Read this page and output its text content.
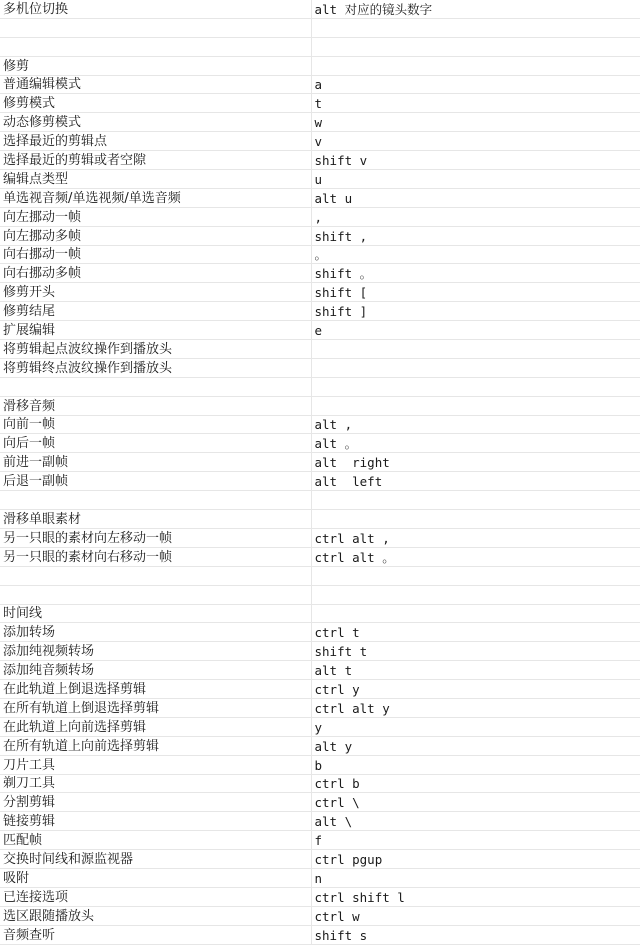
多机位切换	alt 对应的镜头数字

修剪	
普通编辑模式	a
修剪模式	t
动态修剪模式	w
选择最近的剪辑点	v
选择最近的剪辑或者空隙	shift v
编辑点类型	u
单选视音频/单选视频/单选音频	alt u
向左挪动一帧	,
向左挪动多帧	shift ,
向右挪动一帧	。
向右挪动多帧	shift 。
修剪开头	shift [
修剪结尾	shift ]
扩展编辑	e
将剪辑起点波纹操作到播放头	
将剪辑终点波纹操作到播放头	

滑移音频	
向前一帧	alt ,
向后一帧	alt 。
前进一副帧	alt  right
后退一副帧	alt  left

滑移单眼素材	
另一只眼的素材向左移动一帧	ctrl alt ,
另一只眼的素材向右移动一帧	ctrl alt 。

时间线	
添加转场	ctrl t
添加纯视频转场	shift t
添加纯音频转场	alt t
在此轨道上倒退选择剪辑	ctrl y
在所有轨道上倒退选择剪辑	ctrl alt y
在此轨道上向前选择剪辑	y
在所有轨道上向前选择剪辑	alt y
刀片工具	b
剃刀工具	ctrl b
分割剪辑	ctrl \
链接剪辑	alt \
匹配帧	f
交换时间线和源监视器	ctrl pgup
吸附	n
已连接选项	ctrl shift l
选区跟随播放头	ctrl w
音频查听	shift s
